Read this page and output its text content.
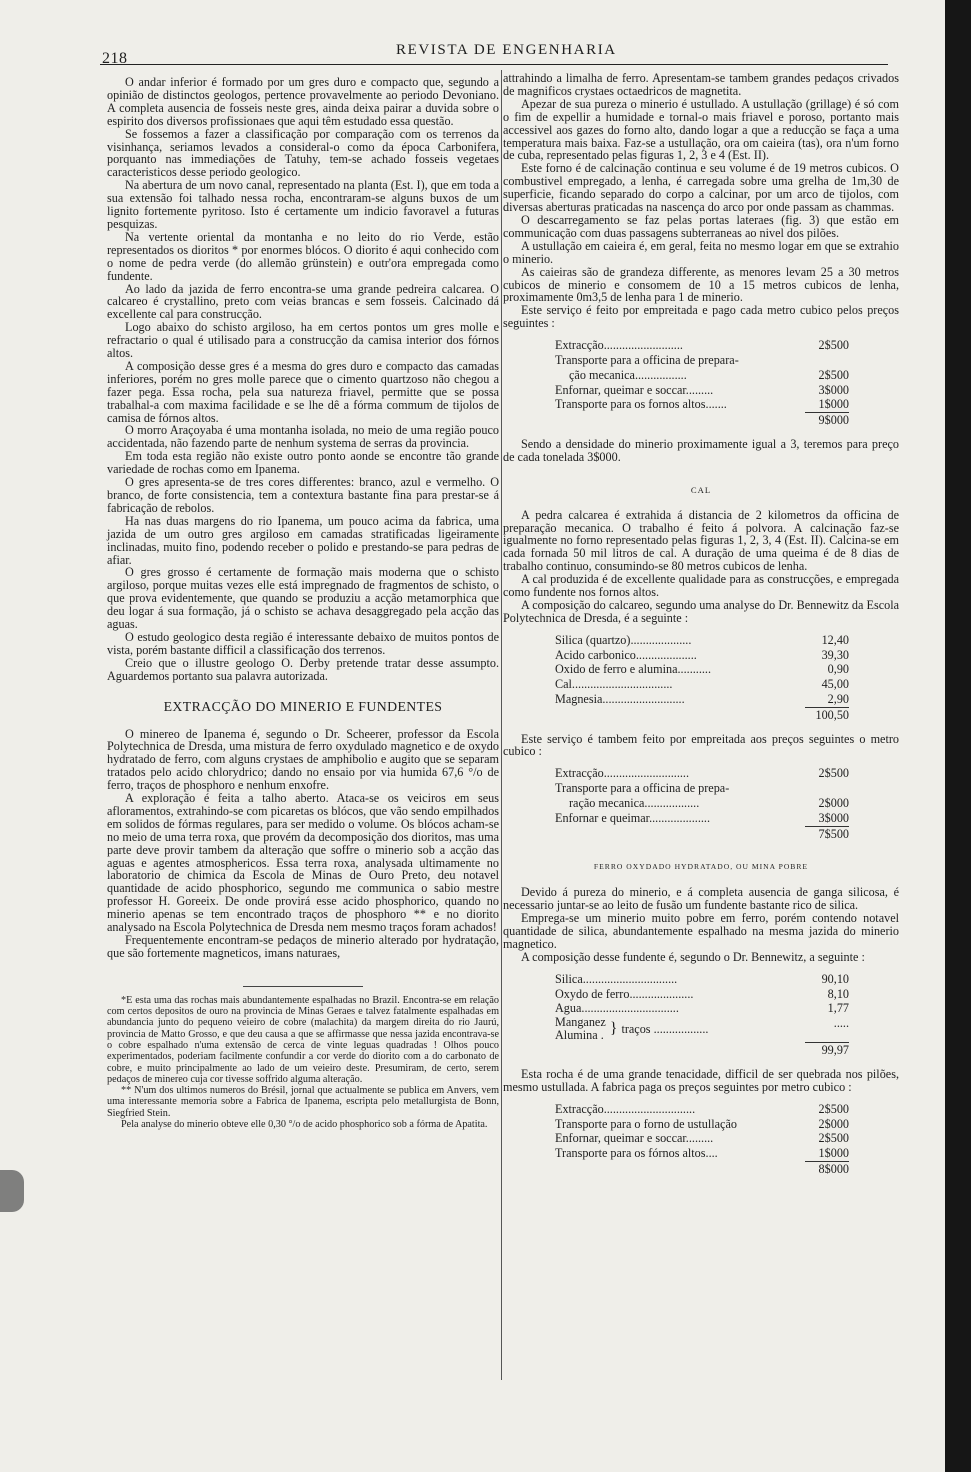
218	REVISTA DE ENGENHARIA

O andar inferior é formado por um gres duro e compacto que, segundo a opinião de distinctos geologos, pertence provavelmente ao periodo Devoniano. A completa ausencia de fosseis neste gres, ainda deixa pairar a duvida sobre o espirito dos diversos profissionaes que aqui têm estudado essa questão.

Se fossemos a fazer a classificação por comparação com os terrenos da visinhança, seriamos levados a consideral-o como da época Carbonifera, porquanto nas immediações de Tatuhy, tem-se achado fosseis vegetaes caracteristicos desse periodo geologico.

Na abertura de um novo canal, representado na planta (Est. I), que em toda a sua extensão foi talhado nessa rocha, encontraram-se alguns buxos de um lignito fortemente pyritoso. Isto é certamente um indicio favoravel a futuras pesquizas.

Na vertente oriental da montanha e no leito do rio Verde, estão representados os dioritos * por enormes blócos. O diorito é aqui conhecido com o nome de pedra verde (do allemão grünstein) e outr'ora empregada como fundente.

Ao lado da jazida de ferro encontra-se uma grande pedreira calcarea. O calcareo é crystallino, preto com veias brancas e sem fosseis. Calcinado dá excellente cal para construcção.

Logo abaixo do schisto argiloso, ha em certos pontos um gres molle e refractario o qual é utilisado para a construcção da camisa interior dos fórnos altos.

A composição desse gres é a mesma do gres duro e compacto das camadas inferiores, porém no gres molle parece que o cimento quartzoso não chegou a fazer pega. Essa rocha, pela sua natureza friavel, permitte que se possa trabalhal-a com maxima facilidade e se lhe dê a fórma commum de tijolos de camisa de fórnos altos.

O morro Araçoyaba é uma montanha isolada, no meio de uma região pouco accidentada, não fazendo parte de nenhum systema de serras da provincia.

Em toda esta região não existe outro ponto aonde se encontre tão grande variedade de rochas como em Ipanema.

O gres apresenta-se de tres cores differentes: branco, azul e vermelho. O branco, de forte consistencia, tem a contextura bastante fina para prestar-se á fabricação de rebolos.

Ha nas duas margens do rio Ipanema, um pouco acima da fabrica, uma jazida de um outro gres argiloso em camadas stratificadas ligeiramente inclinadas, muito fino, podendo receber o polido e prestando-se para pedras de afiar.

O gres grosso é certamente de formação mais moderna que o schisto argiloso, porque muitas vezes elle está impregnado de fragmentos de schisto, o que prova evidentemente, que quando se produziu a acção metamorphica que deu logar á sua formação, já o schisto se achava desaggregado pela acção das aguas.

O estudo geologico desta região é interessante debaixo de muitos pontos de vista, porém bastante difficil a classificação dos terrenos.

Creio que o illustre geologo O. Derby pretende tratar desse assumpto. Aguardemos portanto sua palavra autorizada.

EXTRACÇÃO DO MINERIO E FUNDENTES

O minereo de Ipanema é, segundo o Dr. Scheerer, professor da Escola Polytechnica de Dresda, uma mistura de ferro oxydulado magnetico e de oxydo hydratado de ferro, com alguns crystaes de amphibolio e augito que se separam tratados pelo acido chlorydrico; dando no ensaio por via humida 67,6 °/o de ferro, traços de phosphoro e nenhum enxofre.

A exploração é feita a talho aberto. Ataca-se os veiciros em seus afloramentos, extrahindo-se com picaretas os blócos, que vão sendo empilhados em solidos de fórmas regulares, para ser medido o volume. Os blócos acham-se no meio de uma terra roxa, que provém da decomposição dos dioritos, mas uma parte deve provir tambem da alteração que soffre o minerio sob a acção das aguas e agentes atmosphericos. Essa terra roxa, analysada ultimamente no laboratorio de chimica da Escola de Minas de Ouro Preto, deu notavel quantidade de acido phosphorico, segundo me communica o sabio mestre professor H. Goreeix. De onde provirá esse acido phosphorico, quando no minerio apenas se tem encontrado traços de phosphoro ** e no diorito analysado na Escola Polytechnica de Dresda nem mesmo traços foram achados!

Frequentemente encontram-se pedaços de minerio alterado por hydratação, que são fortemente magneticos, imans naturaes,

*E esta uma das rochas mais abundantemente espalhadas no Brazil. Encontra-se em relação com certos depositos de ouro na provincia de Minas Geraes e talvez fatalmente espalhadas em abundancia junto do pequeno veieiro de cobre (malachita) da margem direita do rio Jaurú, provincia de Matto Grosso, e que deu causa a que se affirmasse que nessa jazida encontrava-se o cobre espalhado n'uma extensão de cerca de vinte leguas quadradas ! Olhos pouco experimentados, poderiam facilmente confundir a cor verde do diorito com a do carbonato de cobre, e muito principalmente ao lado de um veieiro deste. Presumiram, de certo, serem pedaços de minereo cuja cor tivesse soffrido alguma alteração.

** N'um dos ultimos numeros do Brésil, jornal que actualmente se publica em Anvers, vem uma interessante memoria sobre a Fabrica de Ipanema, escripta pelo metallurgista de Bonn, Siegfried Stein.

Pela analyse do minerio obteve elle 0,30 °/o de acido phosphorico sob a fórma de Apatita.

attrahindo a limalha de ferro. Apresentam-se tambem grandes pedaços crivados de magnificos crystaes octaedricos de magnetita.

Apezar de sua pureza o minerio é ustullado. A ustullação (grillage) é só com o fim de expellir a humidade e tornal-o mais friavel e poroso, portanto mais accessivel aos gazes do forno alto, dando logar a que a reducção se faça a uma temperatura mais baixa. Faz-se a ustullação, ora om caieira (tas), ora n'um forno de cuba, representado pelas figuras 1, 2, 3 e 4 (Est. II).

Este forno é de calcinação continua e seu volume é de 19 metros cubicos. O combustivel empregado, a lenha, é carregada sobre uma grelha de 1m,30 de superficie, ficando separado do corpo a calcinar, por um arco de tijolos, com diversas aberturas praticadas na nascença do arco por onde passam as chammas.

O descarregamento se faz pelas portas lateraes (fig. 3) que estão em communicação com duas passagens subterraneas ao nivel dos pilões.

A ustullação em caieira é, em geral, feita no mesmo logar em que se extrahio o minerio.

As caieiras são de grandeza differente, as menores levam 25 a 30 metros cubicos de minerio e consomem de 10 a 15 metros cubicos de lenha, proximamente 0m3,5 de lenha para 1 de minerio.

Este serviço é feito por empreitada e pago cada metro cubico pelos preços seguintes :

Extracção..........................	2$500
Transporte para a officina de prepara-
ção mecanica.................	2$500
Enfornar, queimar e soccar.........	3$000
Transporte para os fornos altos.......	1$000
9$000

Sendo a densidade do minerio proximamente igual a 3, teremos para preço de cada tonelada 3$000.

CAL

A pedra calcarea é extrahida á distancia de 2 kilometros da officina de preparação mecanica. O trabalho é feito á polvora. A calcinação faz-se igualmente no forno representado pelas figuras 1, 2, 3, 4 (Est. II). Calcina-se em cada fornada 50 mil litros de cal. A duração de uma queima é de 8 dias de trabalho continuo, consumindo-se 80 metros cubicos de lenha.

A cal produzida é de excellente qualidade para as construcções, e empregada como fundente nos fornos altos.

A composição do calcareo, segundo uma analyse do Dr. Bennewitz da Escola Polytechnica de Dresda, é a seguinte :

Silica (quartzo)....................	12,40
Acido carbonico....................	39,30
Oxido de ferro e alumina...........	0,90
Cal.................................	45,00
Magnesia...........................	2,90
100,50

Este serviço é tambem feito por empreitada aos preços seguintes o metro cubico :

Extracção............................	2$500
Transporte para a officina de prepa-
ração mecanica..................	2$000
Enfornar e queimar....................	3$000
7$500
FERRO OXYDADO HYDRATADO, OU MINA POBRE

Devido á pureza do minerio, e á completa ausencia de ganga silicosa, é necessario juntar-se ao leito de fusão um fundente bastante rico de silica.

Emprega-se um minerio muito pobre em ferro, porém contendo notavel quantidade de silica, abundantemente espalhado na mesma jazida do minerio magnetico.

A composição desse fundente é, segundo o Dr. Bennewitz, a seguinte :

Silica...............................	90,10
Oxydo de ferro.....................	8,10
Agua................................	1,77
Manganez
Alumina . } traços ..................	.....
99,97

Esta rocha é de uma grande tenacidade, difficil de ser quebrada nos pilões, mesmo ustullada. A fabrica paga os preços seguintes por metro cubico :

Extracção..............................	2$500
Transporte para o forno de ustullação	2$000
Enfornar, queimar e soccar.........	2$500
Transporte para os fórnos altos....	1$000
8$000
